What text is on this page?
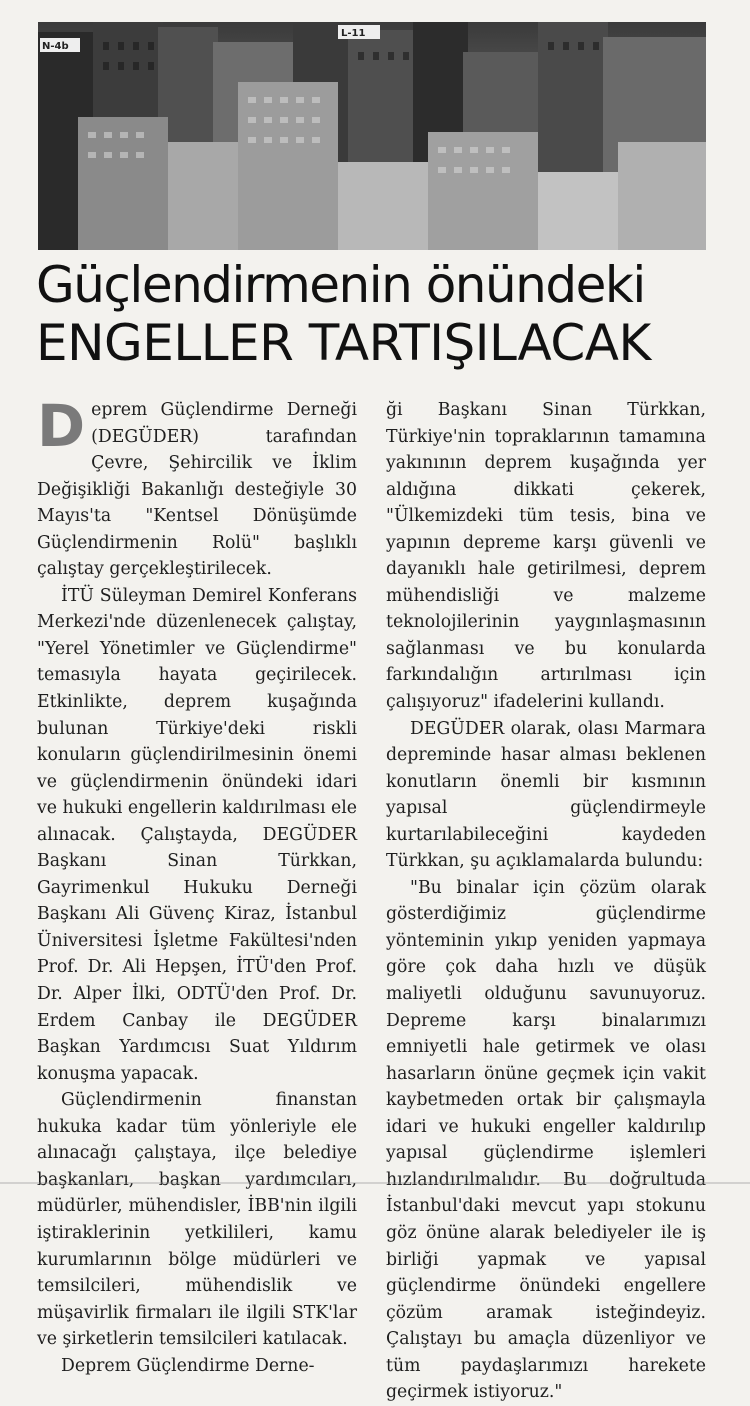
N-4b
L-11
Güçlendirmenin önündeki
ENGELLER TARTIŞILACAK

Deprem Güçlendirme Derneği (DEGÜDER) tarafından Çevre, Şehircilik ve İklim Değişikliği Bakanlığı desteğiyle 30 Mayıs'ta "Kentsel Dönüşümde Güçlendirmenin Rolü" başlıklı çalıştay gerçekleştirilecek.

İTÜ Süleyman Demirel Konferans Merkezi'nde düzenlenecek çalıştay, "Yerel Yönetimler ve Güçlendirme" temasıyla hayata geçirilecek. Etkinlikte, deprem kuşağında bulunan Türkiye'deki riskli konuların güçlendirilmesinin önemi ve güçlendirmenin önündeki idari ve hukuki engellerin kaldırılması ele alınacak. Çalıştayda, DEGÜDER Başkanı Sinan Türkkan, Gayrimenkul Hukuku Derneği Başkanı Ali Güvenç Kiraz, İstanbul Üniversitesi İşletme Fakültesi'nden Prof. Dr. Ali Hepşen, İTÜ'den Prof. Dr. Alper İlki, ODTÜ'den Prof. Dr. Erdem Canbay ile DEGÜDER Başkan Yardımcısı Suat Yıldırım konuşma yapacak.

Güçlendirmenin finanstan hukuka kadar tüm yönleriyle ele alınacağı çalıştaya, ilçe belediye başkanları, başkan yardımcıları, müdürler, mühendisler, İBB'nin ilgili iştiraklerinin yetkilileri, kamu kurumlarının bölge müdürleri ve temsilcileri, mühendislik ve müşavirlik firmaları ile ilgili STK'lar ve şirketlerin temsilcileri katılacak.

Deprem Güçlendirme Derne-

ği Başkanı Sinan Türkkan, Türkiye'nin topraklarının tamamına yakınının deprem kuşağında yer aldığına dikkati çekerek, "Ülkemizdeki tüm tesis, bina ve yapının depreme karşı güvenli ve dayanıklı hale getirilmesi, deprem mühendisliği ve malzeme teknolojilerinin yaygınlaşmasının sağlanması ve bu konularda farkındalığın artırılması için çalışıyoruz" ifadelerini kullandı.

DEGÜDER olarak, olası Marmara depreminde hasar alması beklenen konutların önemli bir kısmının yapısal güçlendirmeyle kurtarılabileceğini kaydeden Türkkan, şu açıklamalarda bulundu:

"Bu binalar için çözüm olarak gösterdiğimiz güçlendirme yönteminin yıkıp yeniden yapmaya göre çok daha hızlı ve düşük maliyetli olduğunu savunuyoruz. Depreme karşı binalarımızı emniyetli hale getirmek ve olası hasarların önüne geçmek için vakit kaybetmeden ortak bir çalışmayla idari ve hukuki engeller kaldırılıp yapısal güçlendirme işlemleri hızlandırılmalıdır. Bu doğrultuda İstanbul'daki mevcut yapı stokunu göz önüne alarak belediyeler ile iş birliği yapmak ve yapısal güçlendirme önündeki engellere çözüm aramak isteğindeyiz. Çalıştayı bu amaçla düzenliyor ve tüm paydaşlarımızı harekete geçirmek istiyoruz."
